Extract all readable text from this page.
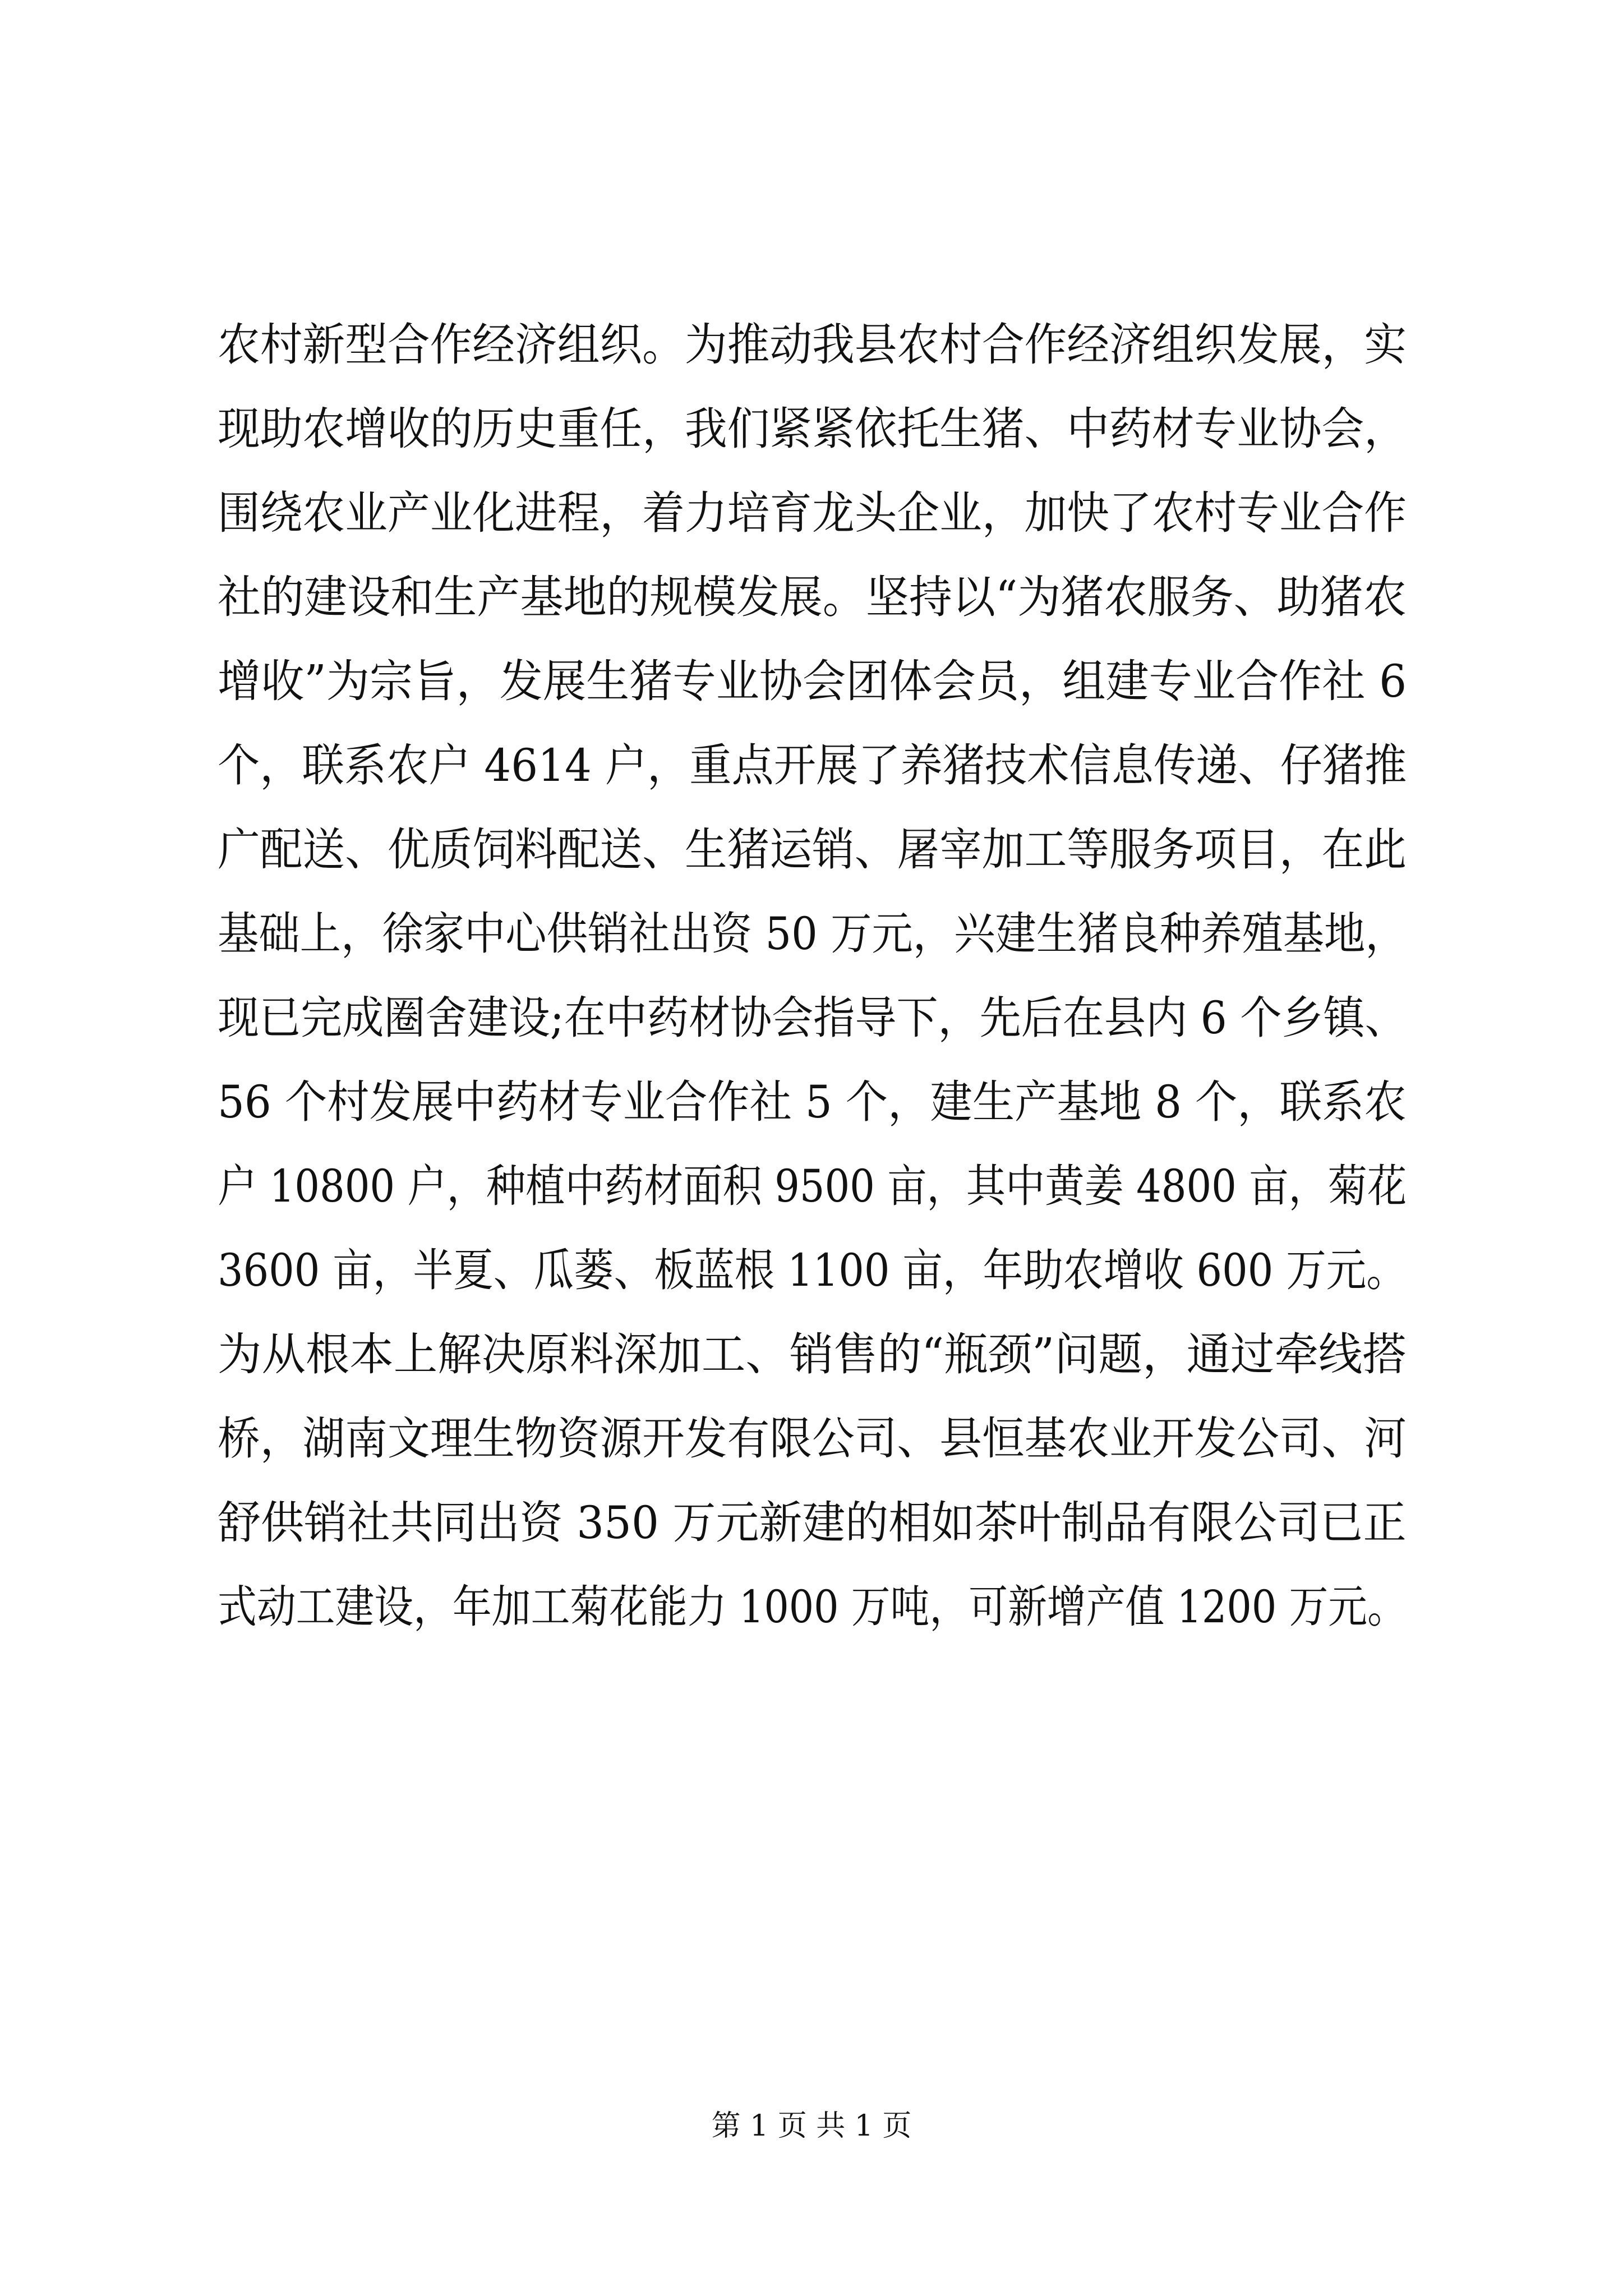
农村新型合作经济组织。为推动我县农村合作经济组织发展，实
现助农增收的历史重任，我们紧紧依托生猪、中药材专业协会，
围绕农业产业化进程，着力培育龙头企业，加快了农村专业合作
社的建设和生产基地的规模发展。坚持以“为猪农服务、助猪农
增收”为宗旨，发展生猪专业协会团体会员，组建专业合作社 6
个，联系农户 4614 户，重点开展了养猪技术信息传递、仔猪推
广配送、优质饲料配送、生猪运销、屠宰加工等服务项目，在此
基础上，徐家中心供销社出资 50 万元，兴建生猪良种养殖基地，
现已完成圈舍建设;在中药材协会指导下，先后在县内 6 个乡镇、
56 个村发展中药材专业合作社 5 个，建生产基地 8 个，联系农
户 10800 户，种植中药材面积 9500 亩，其中黄姜 4800 亩，菊花
3600 亩，半夏、瓜蒌、板蓝根 1100 亩，年助农增收 600 万元。
为从根本上解决原料深加工、销售的“瓶颈”问题，通过牵线搭
桥，湖南文理生物资源开发有限公司、县恒基农业开发公司、河
舒供销社共同出资 350 万元新建的相如茶叶制品有限公司已正
式动工建设，年加工菊花能力 1000 万吨，可新增产值 1200 万元。
第 1 页 共 1 页
